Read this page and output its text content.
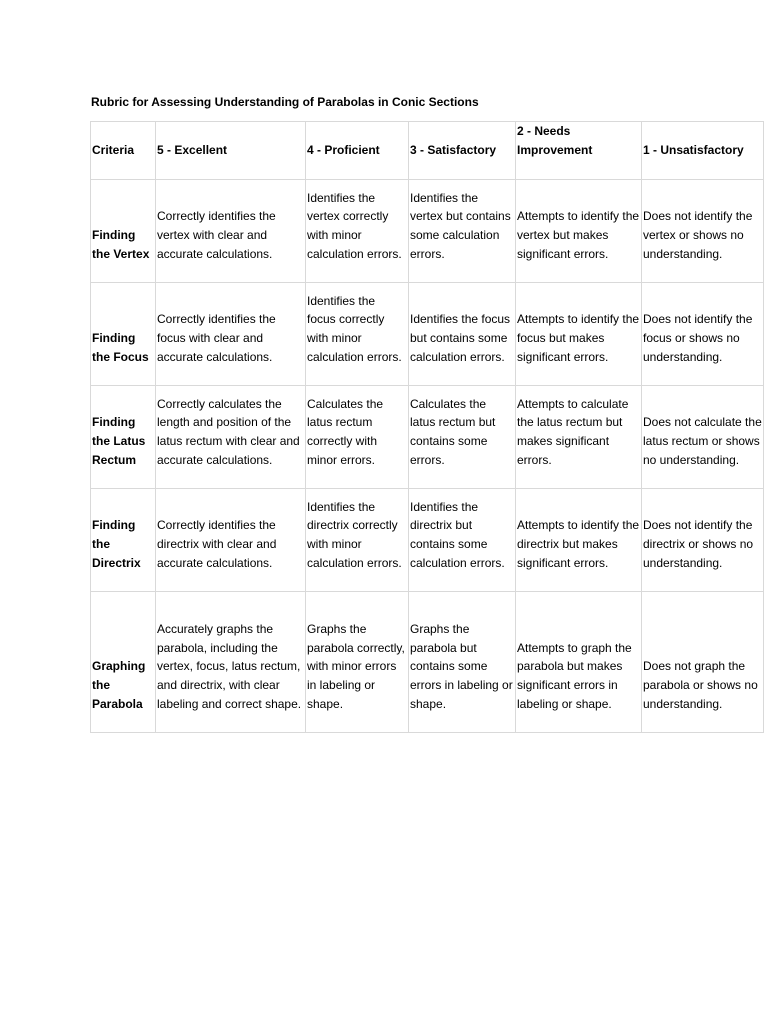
Rubric for Assessing Understanding of Parabolas in Conic Sections
Criteria	5 - Excellent	4 - Proficient	3 - Satisfactory	2 - Needs Improvement	1 - Unsatisfactory
Finding the Vertex	Correctly identifies the vertex with clear and accurate calculations.	Identifies the vertex correctly with minor calculation errors.	Identifies the vertex but contains some calculation errors.	Attempts to identify the vertex but makes significant errors.	Does not identify the vertex or shows no understanding.
Finding the Focus	Correctly identifies the focus with clear and accurate calculations.	Identifies the focus correctly with minor calculation errors.	Identifies the focus but contains some calculation errors.	Attempts to identify the focus but makes significant errors.	Does not identify the focus or shows no understanding.
Finding the Latus Rectum	Correctly calculates the length and position of the latus rectum with clear and accurate calculations.	Calculates the latus rectum correctly with minor errors.	Calculates the latus rectum but contains some errors.	Attempts to calculate the latus rectum but makes significant errors.	Does not calculate the latus rectum or shows no understanding.
Finding the Directrix	Correctly identifies the directrix with clear and accurate calculations.	Identifies the directrix correctly with minor calculation errors.	Identifies the directrix but contains some calculation errors.	Attempts to identify the directrix but makes significant errors.	Does not identify the directrix or shows no understanding.
Graphing the Parabola	Accurately graphs the parabola, including the vertex, focus, latus rectum, and directrix, with clear labeling and correct shape.	Graphs the parabola correctly, with minor errors in labeling or shape.	Graphs the parabola but contains some errors in labeling or shape.	Attempts to graph the parabola but makes significant errors in labeling or shape.	Does not graph the parabola or shows no understanding.
